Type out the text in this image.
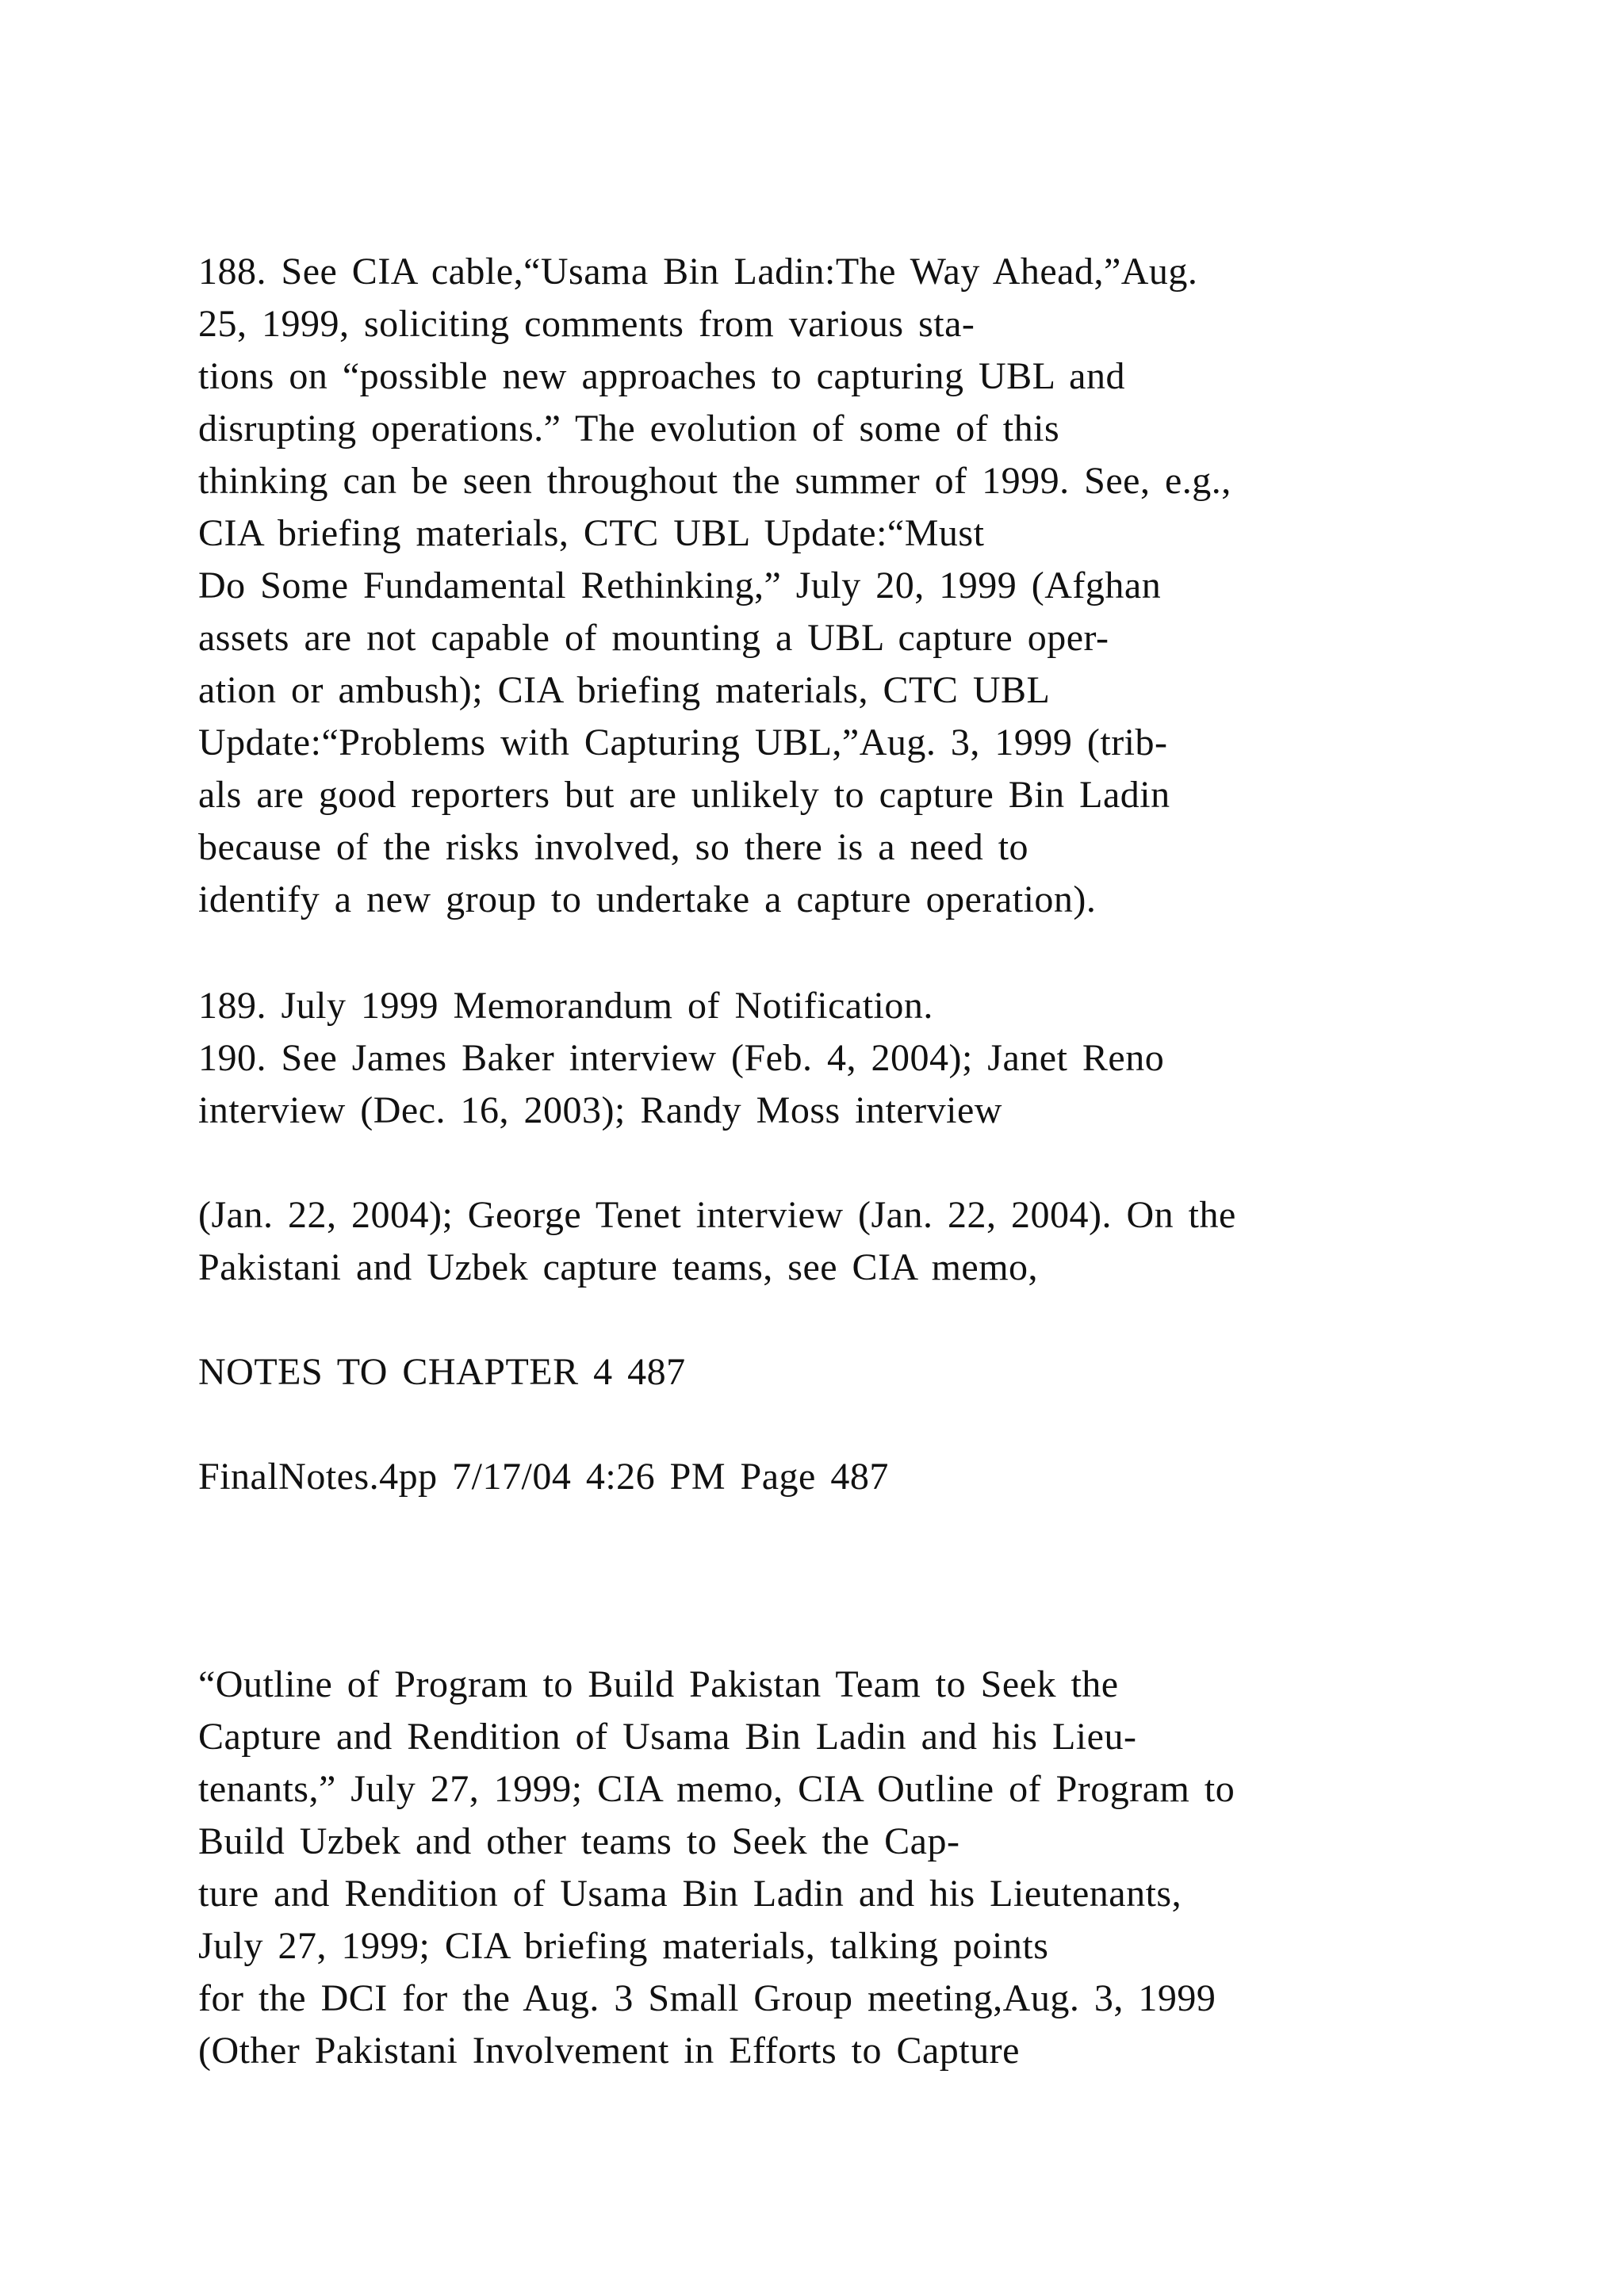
188. See CIA cable,“Usama Bin Ladin:The Way Ahead,”Aug.
25, 1999, soliciting comments from various sta-
tions on “possible new approaches to capturing UBL and
disrupting operations.” The evolution of some of this
thinking can be seen throughout the summer of 1999. See, e.g.,
CIA briefing materials, CTC UBL Update:“Must
Do Some Fundamental Rethinking,” July 20, 1999 (Afghan
assets are not capable of mounting a UBL capture oper-
ation or ambush); CIA briefing materials, CTC UBL
Update:“Problems with Capturing UBL,”Aug. 3, 1999 (trib-
als are good reporters but are unlikely to capture Bin Ladin
because of the risks involved, so there is a need to
identify a new group to undertake a capture operation).
189. July 1999 Memorandum of Notification.
190. See James Baker interview (Feb. 4, 2004); Janet Reno
interview (Dec. 16, 2003); Randy Moss interview
(Jan. 22, 2004); George Tenet interview (Jan. 22, 2004). On the
Pakistani and Uzbek capture teams, see CIA memo,
NOTES TO CHAPTER 4 487
FinalNotes.4pp 7/17/04 4:26 PM Page 487
“Outline of Program to Build Pakistan Team to Seek the
Capture and Rendition of Usama Bin Ladin and his Lieu-
tenants,” July 27, 1999; CIA memo, CIA Outline of Program to
Build Uzbek and other teams to Seek the Cap-
ture and Rendition of Usama Bin Ladin and his Lieutenants,
July 27, 1999; CIA briefing materials, talking points
for the DCI for the Aug. 3 Small Group meeting,Aug. 3, 1999
(Other Pakistani Involvement in Efforts to Capture
